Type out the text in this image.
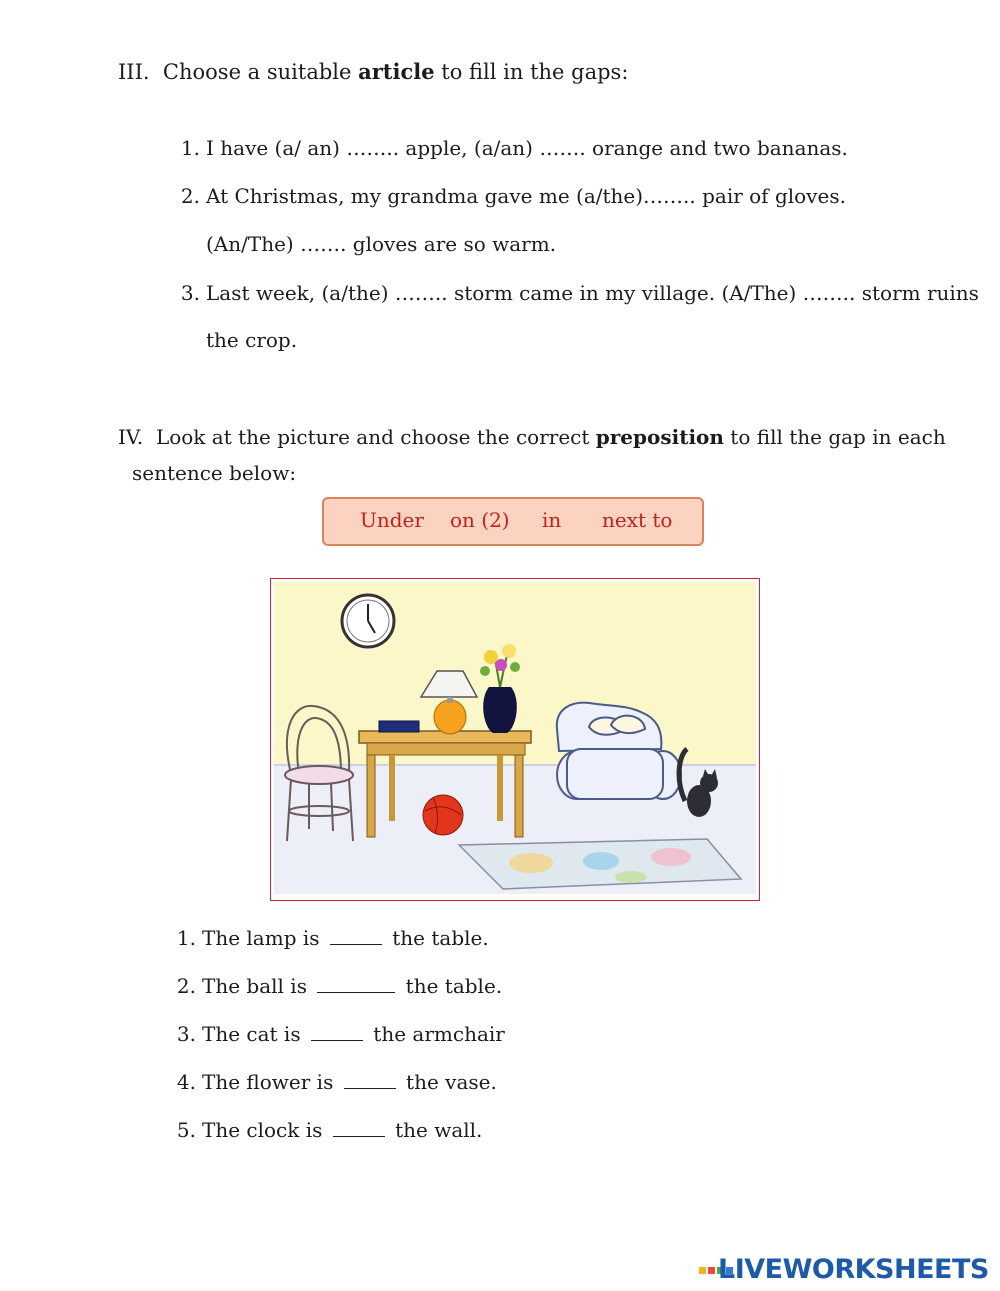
III. Choose a suitable article to fill in the gaps:
1. I have (a/ an) …….. apple, (a/an) ……. orange and two bananas.
2. At Christmas, my grandma gave me (a/the)…….. pair of gloves.
(An/The) ……. gloves are so warm.
3. Last week, (a/the) …….. storm came in my village. (A/The) …….. storm ruins
the crop.
IV. Look at the picture and choose the correct preposition to fill the gap in each
sentence below:
Under on (2) in next to
1. The lamp is	the table.
2. The ball is	the table.
3. The cat is	the armchair
4. The flower is	the vase.
5. The clock is	the wall.
LIVEWORKSHEETS
